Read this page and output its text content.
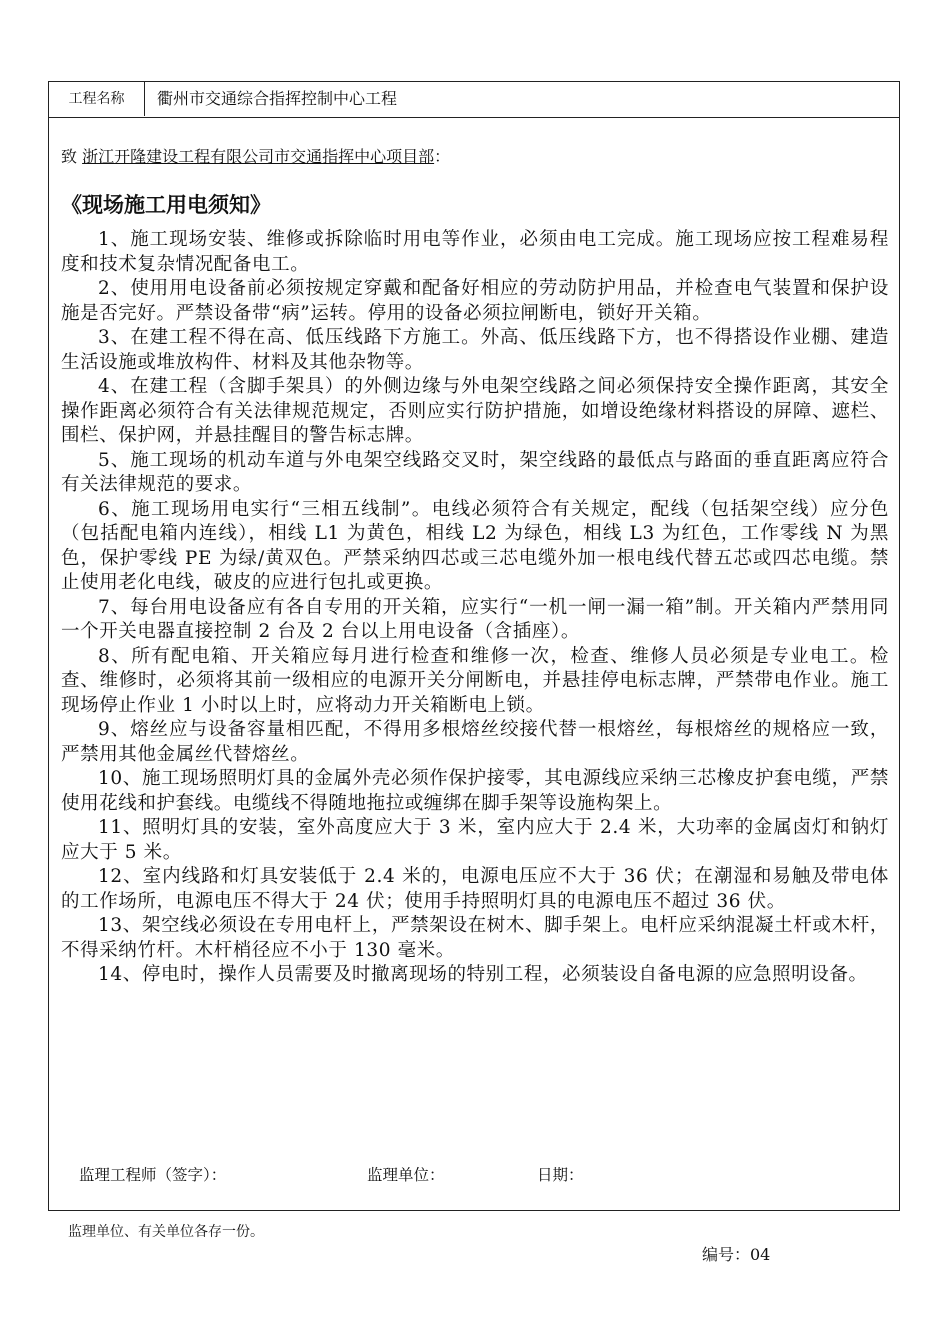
工程名称	衢州市交通综合指挥控制中心工程
致 浙江开隆建设工程有限公司市交通指挥中心项目部：
《现场施工用电须知》

1、施工现场安装、维修或拆除临时用电等作业，必须由电工完成。施工现场应按工程难易程度和技术复杂情况配备电工。

2、使用用电设备前必须按规定穿戴和配备好相应的劳动防护用品，并检查电气装置和保护设施是否完好。严禁设备带“病”运转。停用的设备必须拉闸断电，锁好开关箱。

3、在建工程不得在高、低压线路下方施工。外高、低压线路下方，也不得搭设作业棚、建造生活设施或堆放构件、材料及其他杂物等。

4、在建工程（含脚手架具）的外侧边缘与外电架空线路之间必须保持安全操作距离，其安全操作距离必须符合有关法律规范规定，否则应实行防护措施，如增设绝缘材料搭设的屏障、遮栏、围栏、保护网，并悬挂醒目的警告标志牌。

5、施工现场的机动车道与外电架空线路交叉时，架空线路的最低点与路面的垂直距离应符合有关法律规范的要求。

6、施工现场用电实行“三相五线制”。电线必须符合有关规定，配线（包括架空线）应分色（包括配电箱内连线），相线 L1 为黄色，相线 L2 为绿色，相线 L3 为红色，工作零线 N 为黑色，保护零线 PE 为绿/黄双色。严禁采纳四芯或三芯电缆外加一根电线代替五芯或四芯电缆。禁止使用老化电线，破皮的应进行包扎或更换。

7、每台用电设备应有各自专用的开关箱，应实行“一机一闸一漏一箱”制。开关箱内严禁用同一个开关电器直接控制 2 台及 2 台以上用电设备（含插座）。

8、所有配电箱、开关箱应每月进行检查和维修一次，检查、维修人员必须是专业电工。检查、维修时，必须将其前一级相应的电源开关分闸断电，并悬挂停电标志牌，严禁带电作业。施工现场停止作业 1 小时以上时，应将动力开关箱断电上锁。

9、熔丝应与设备容量相匹配，不得用多根熔丝绞接代替一根熔丝，每根熔丝的规格应一致，严禁用其他金属丝代替熔丝。

10、施工现场照明灯具的金属外壳必须作保护接零，其电源线应采纳三芯橡皮护套电缆，严禁使用花线和护套线。电缆线不得随地拖拉或缠绑在脚手架等设施构架上。

11、照明灯具的安装，室外高度应大于 3 米，室内应大于 2.4 米，大功率的金属卤灯和钠灯应大于 5 米。

12、室内线路和灯具安装低于 2.4 米的，电源电压应不大于 36 伏；在潮湿和易触及带电体的工作场所，电源电压不得大于 24 伏；使用手持照明灯具的电源电压不超过 36 伏。

13、架空线必须设在专用电杆上，严禁架设在树木、脚手架上。电杆应采纳混凝土杆或木杆，不得采纳竹杆。木杆梢径应不小于 130 毫米。

14、停电时，操作人员需要及时撤离现场的特别工程，必须装设自备电源的应急照明设备。

监理工程师（签字）：	监理单位：	日期：
监理单位、有关单位各存一份。
编号：04
